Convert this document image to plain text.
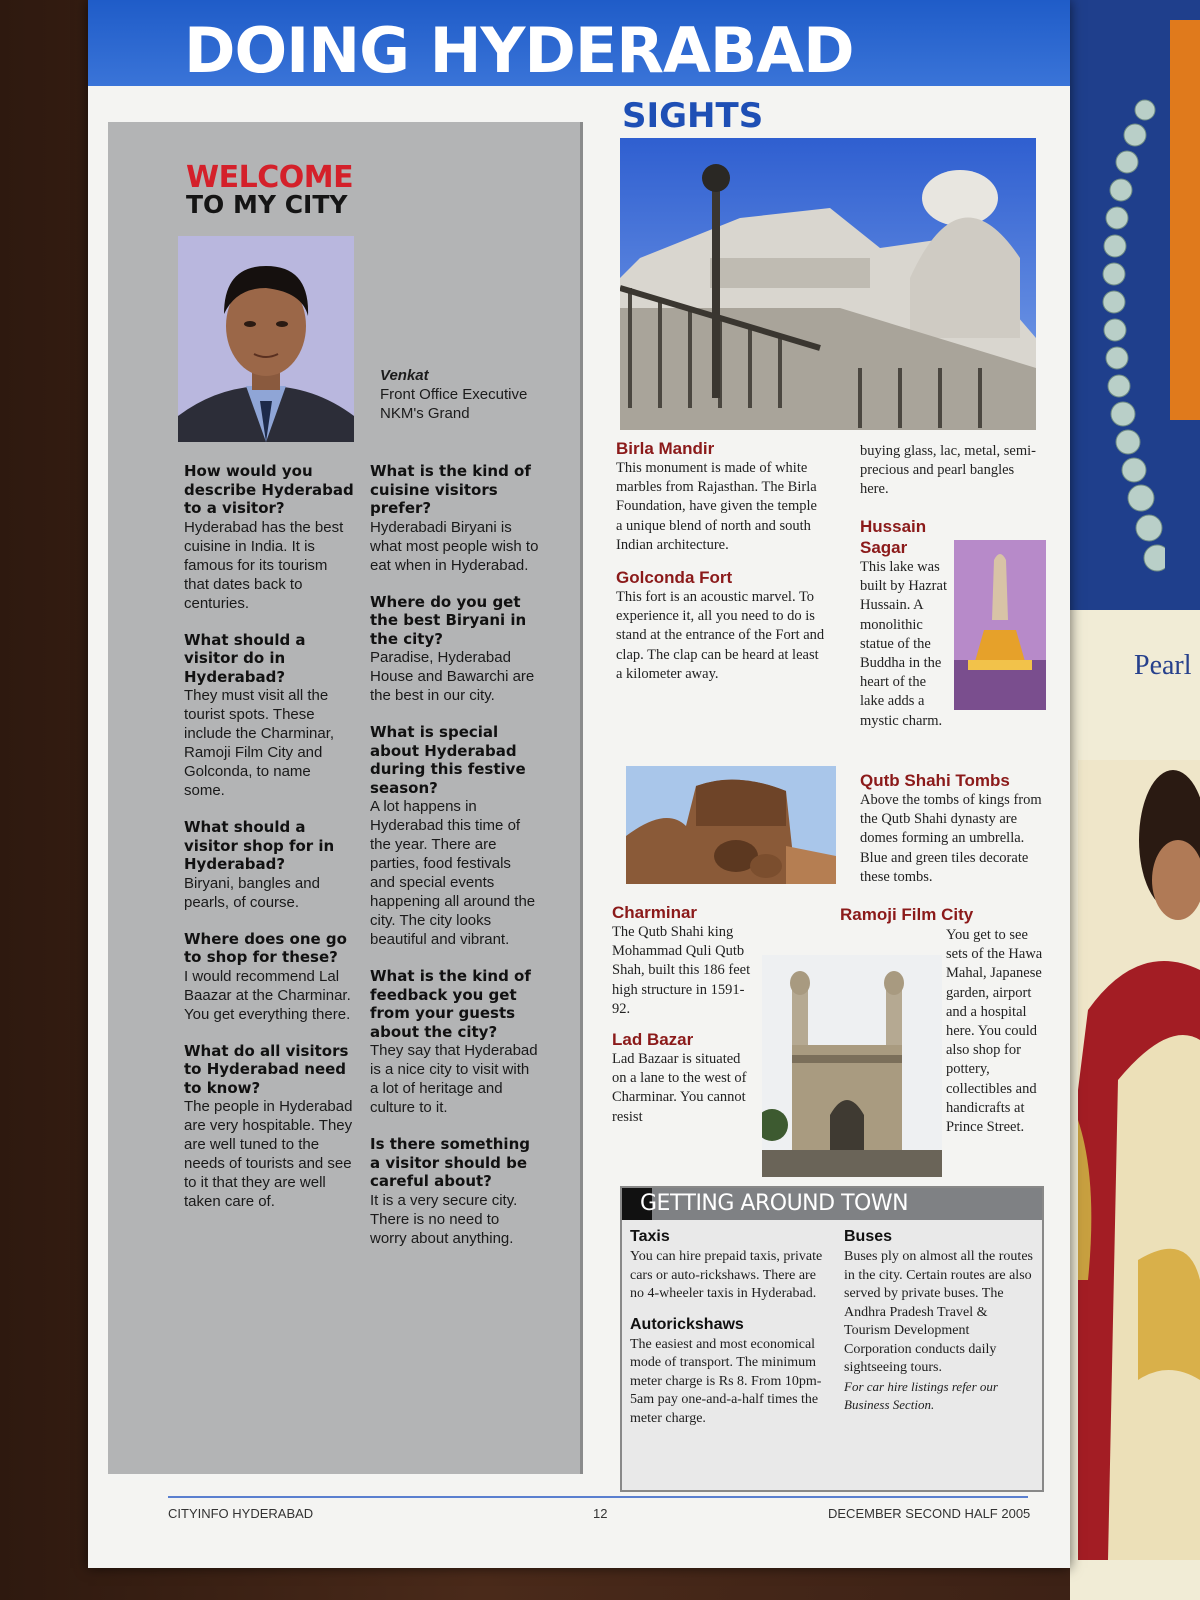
Pearl
DOING HYDERABAD
SIGHTS
WELCOME
TO MY CITY
Venkat
Front Office Executive
NKM's Grand
How would you describe Hyderabad to a visitor?
Hyderabad has the best cuisine in India. It is famous for its tourism that dates back to centuries.
What should a visitor do in Hyderabad?
They must visit all the tourist spots. These include the Charminar, Ramoji Film City and Golconda, to name some.
What should a visitor shop for in Hyderabad?
Biryani, bangles and pearls, of course.
Where does one go to shop for these?
I would recommend Lal Baazar at the Charminar. You get everything there.
What do all visitors to Hyderabad need to know?
The people in Hyderabad are very hospitable. They are well tuned to the needs of tourists and see to it that they are well taken care of.
What is the kind of cuisine visitors prefer?
Hyderabadi Biryani is what most people wish to eat when in Hyderabad.
Where do you get the best Biryani in the city?
Paradise, Hyderabad House and Bawarchi are the best in our city.
What is special about Hyderabad during this festive season?
A lot happens in Hyderabad this time of the year. There are parties, food festivals and special events happening all around the city. The city looks beautiful and vibrant.
What is the kind of feedback you get from your guests about the city?
They say that Hyderabad is a nice city to visit with a lot of heritage and culture to it.
Is there something a visitor should be careful about?
It is a very secure city. There is no need to worry about anything.
Birla Mandir
This monument is made of white marbles from Rajasthan. The Birla Foundation, have given the temple a unique blend of north and south Indian architecture.
Golconda Fort
This fort is an acoustic marvel. To experience it, all you need to do is stand at the entrance of the Fort and clap. The clap can be heard at least a kilometer away.
buying glass, lac, metal, semi-precious and pearl bangles here.
Hussain Sagar
This lake was built by Hazrat Hussain. A monolithic statue of the Buddha in the heart of the lake adds a mystic charm.
Qutb Shahi Tombs
Above the tombs of kings from the Qutb Shahi dynasty are domes forming an umbrella. Blue and green tiles decorate these tombs.
Charminar
The Qutb Shahi king Mohammad Quli Qutb Shah, built this 186 feet high structure in 1591-92.
Lad Bazar
Lad Bazaar is situated on a lane to the west of Charminar. You cannot resist
Ramoji Film City
You get to see sets of the Hawa Mahal, Japanese garden, airport and a hospital here. You could also shop for pottery, collectibles and handicrafts at Prince Street.
GETTING AROUND TOWN
Taxis
You can hire prepaid taxis, private cars or auto-rickshaws. There are no 4-wheeler taxis in Hyderabad.
Autorickshaws
The easiest and most economical mode of transport. The minimum meter charge is Rs 8. From 10pm-5am pay one-and-a-half times the meter charge.
Buses
Buses ply on almost all the routes in the city. Certain routes are also served by private buses. The Andhra Pradesh Travel & Tourism Development Corporation conducts daily sightseeing tours.
For car hire listings refer our Business Section.
CITYINFO HYDERABAD	12	DECEMBER SECOND HALF 2005
